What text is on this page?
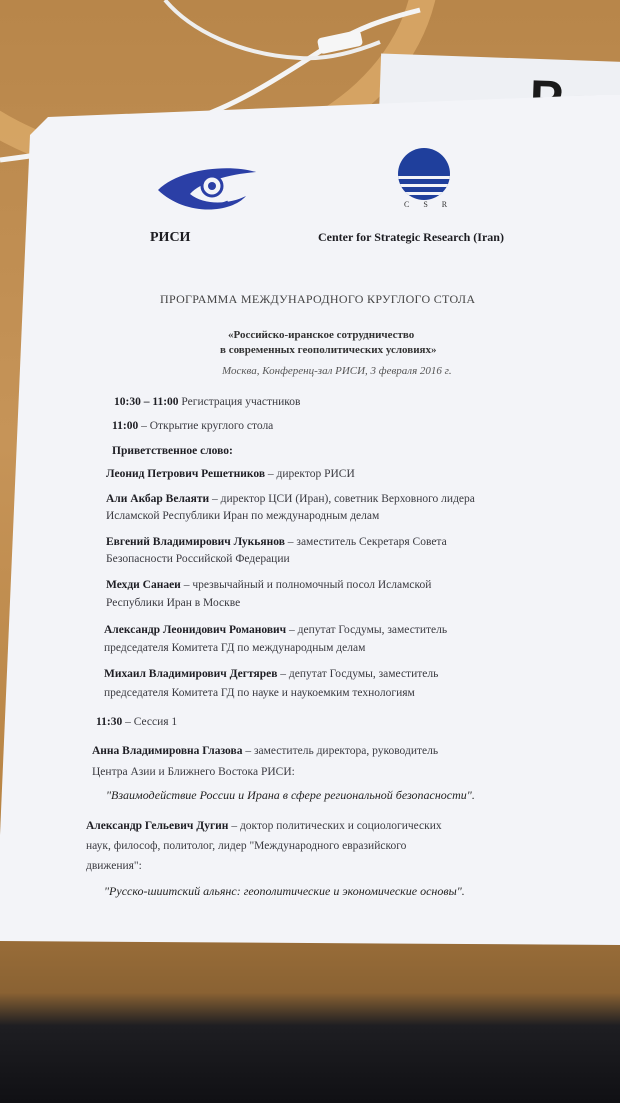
РИСИ
C S R
Center for Strategic Research (Iran)
ПРОГРАММА МЕЖДУНАРОДНОГО КРУГЛОГО СТОЛА
«Российско-иранское сотрудничество
в современных геополитических условиях»
Москва, Конференц-зал РИСИ, 3 февраля 2016 г.
10:30 – 11:00 Регистрация участников
11:00 – Открытие круглого стола
Приветственное слово:
Леонид Петрович Решетников – директор РИСИ
Али Акбар Велаяти – директор ЦСИ (Иран), советник Верховного лидера
Исламской Республики Иран по международным делам
Евгений Владимирович Лукьянов – заместитель Секретаря Совета
Безопасности Российской Федерации
Мехди Санаеи – чрезвычайный и полномочный посол Исламской
Республики Иран в Москве
Александр Леонидович Романович – депутат Госдумы, заместитель
председателя Комитета ГД по международным делам
Михаил Владимирович Дегтярев – депутат Госдумы, заместитель
председателя Комитета ГД по науке и наукоемким технологиям
11:30 – Сессия 1
Анна Владимировна Глазова – заместитель директора, руководитель
Центра Азии и Ближнего Востока РИСИ:
"Взаимодействие России и Ирана в сфере региональной безопасности".
Александр Гельевич Дугин – доктор политических и социологических
наук, философ, политолог, лидер "Международного евразийского
движения":
"Русско-шиитский альянс: геополитические и экономические основы".
